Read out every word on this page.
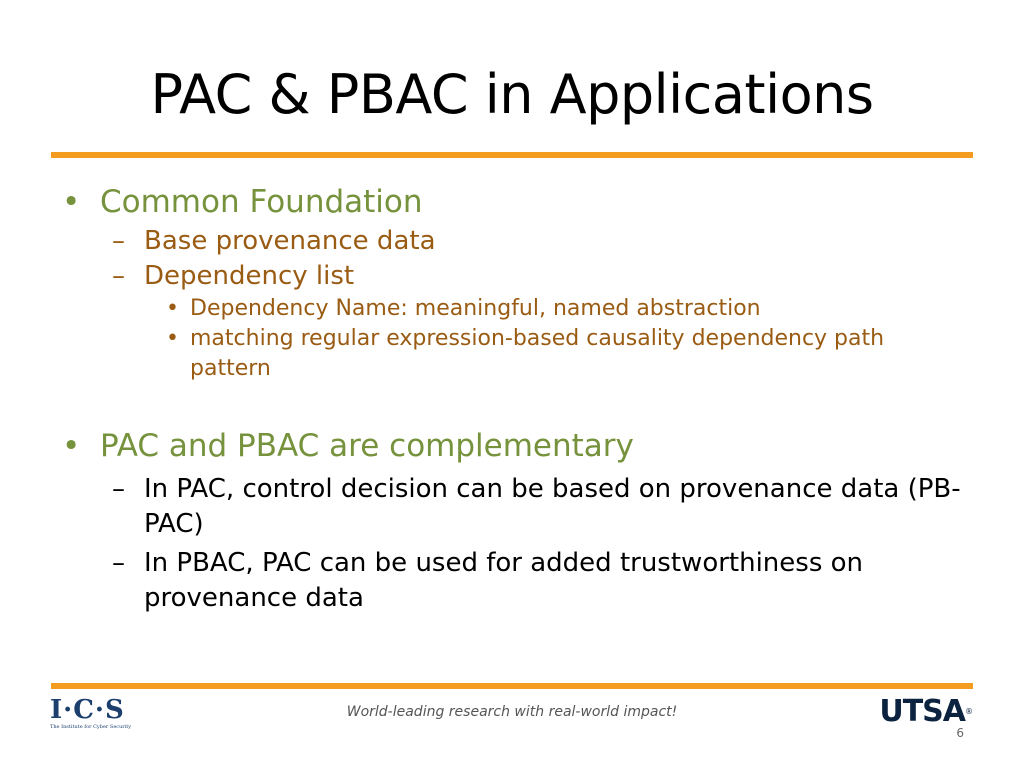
PAC & PBAC in Applications
• Common Foundation
– Base provenance data
– Dependency list
• Dependency Name: meaningful, named abstraction
• matching regular expression-based causality dependency path pattern
• PAC and PBAC are complementary
– In PAC, control decision can be based on provenance data (PB-PAC)
– In PBAC, PAC can be used for added trustworthiness on provenance data
I·C·S
The Institute for Cyber Security
World-leading research with real-world impact!	UTSA®
6
